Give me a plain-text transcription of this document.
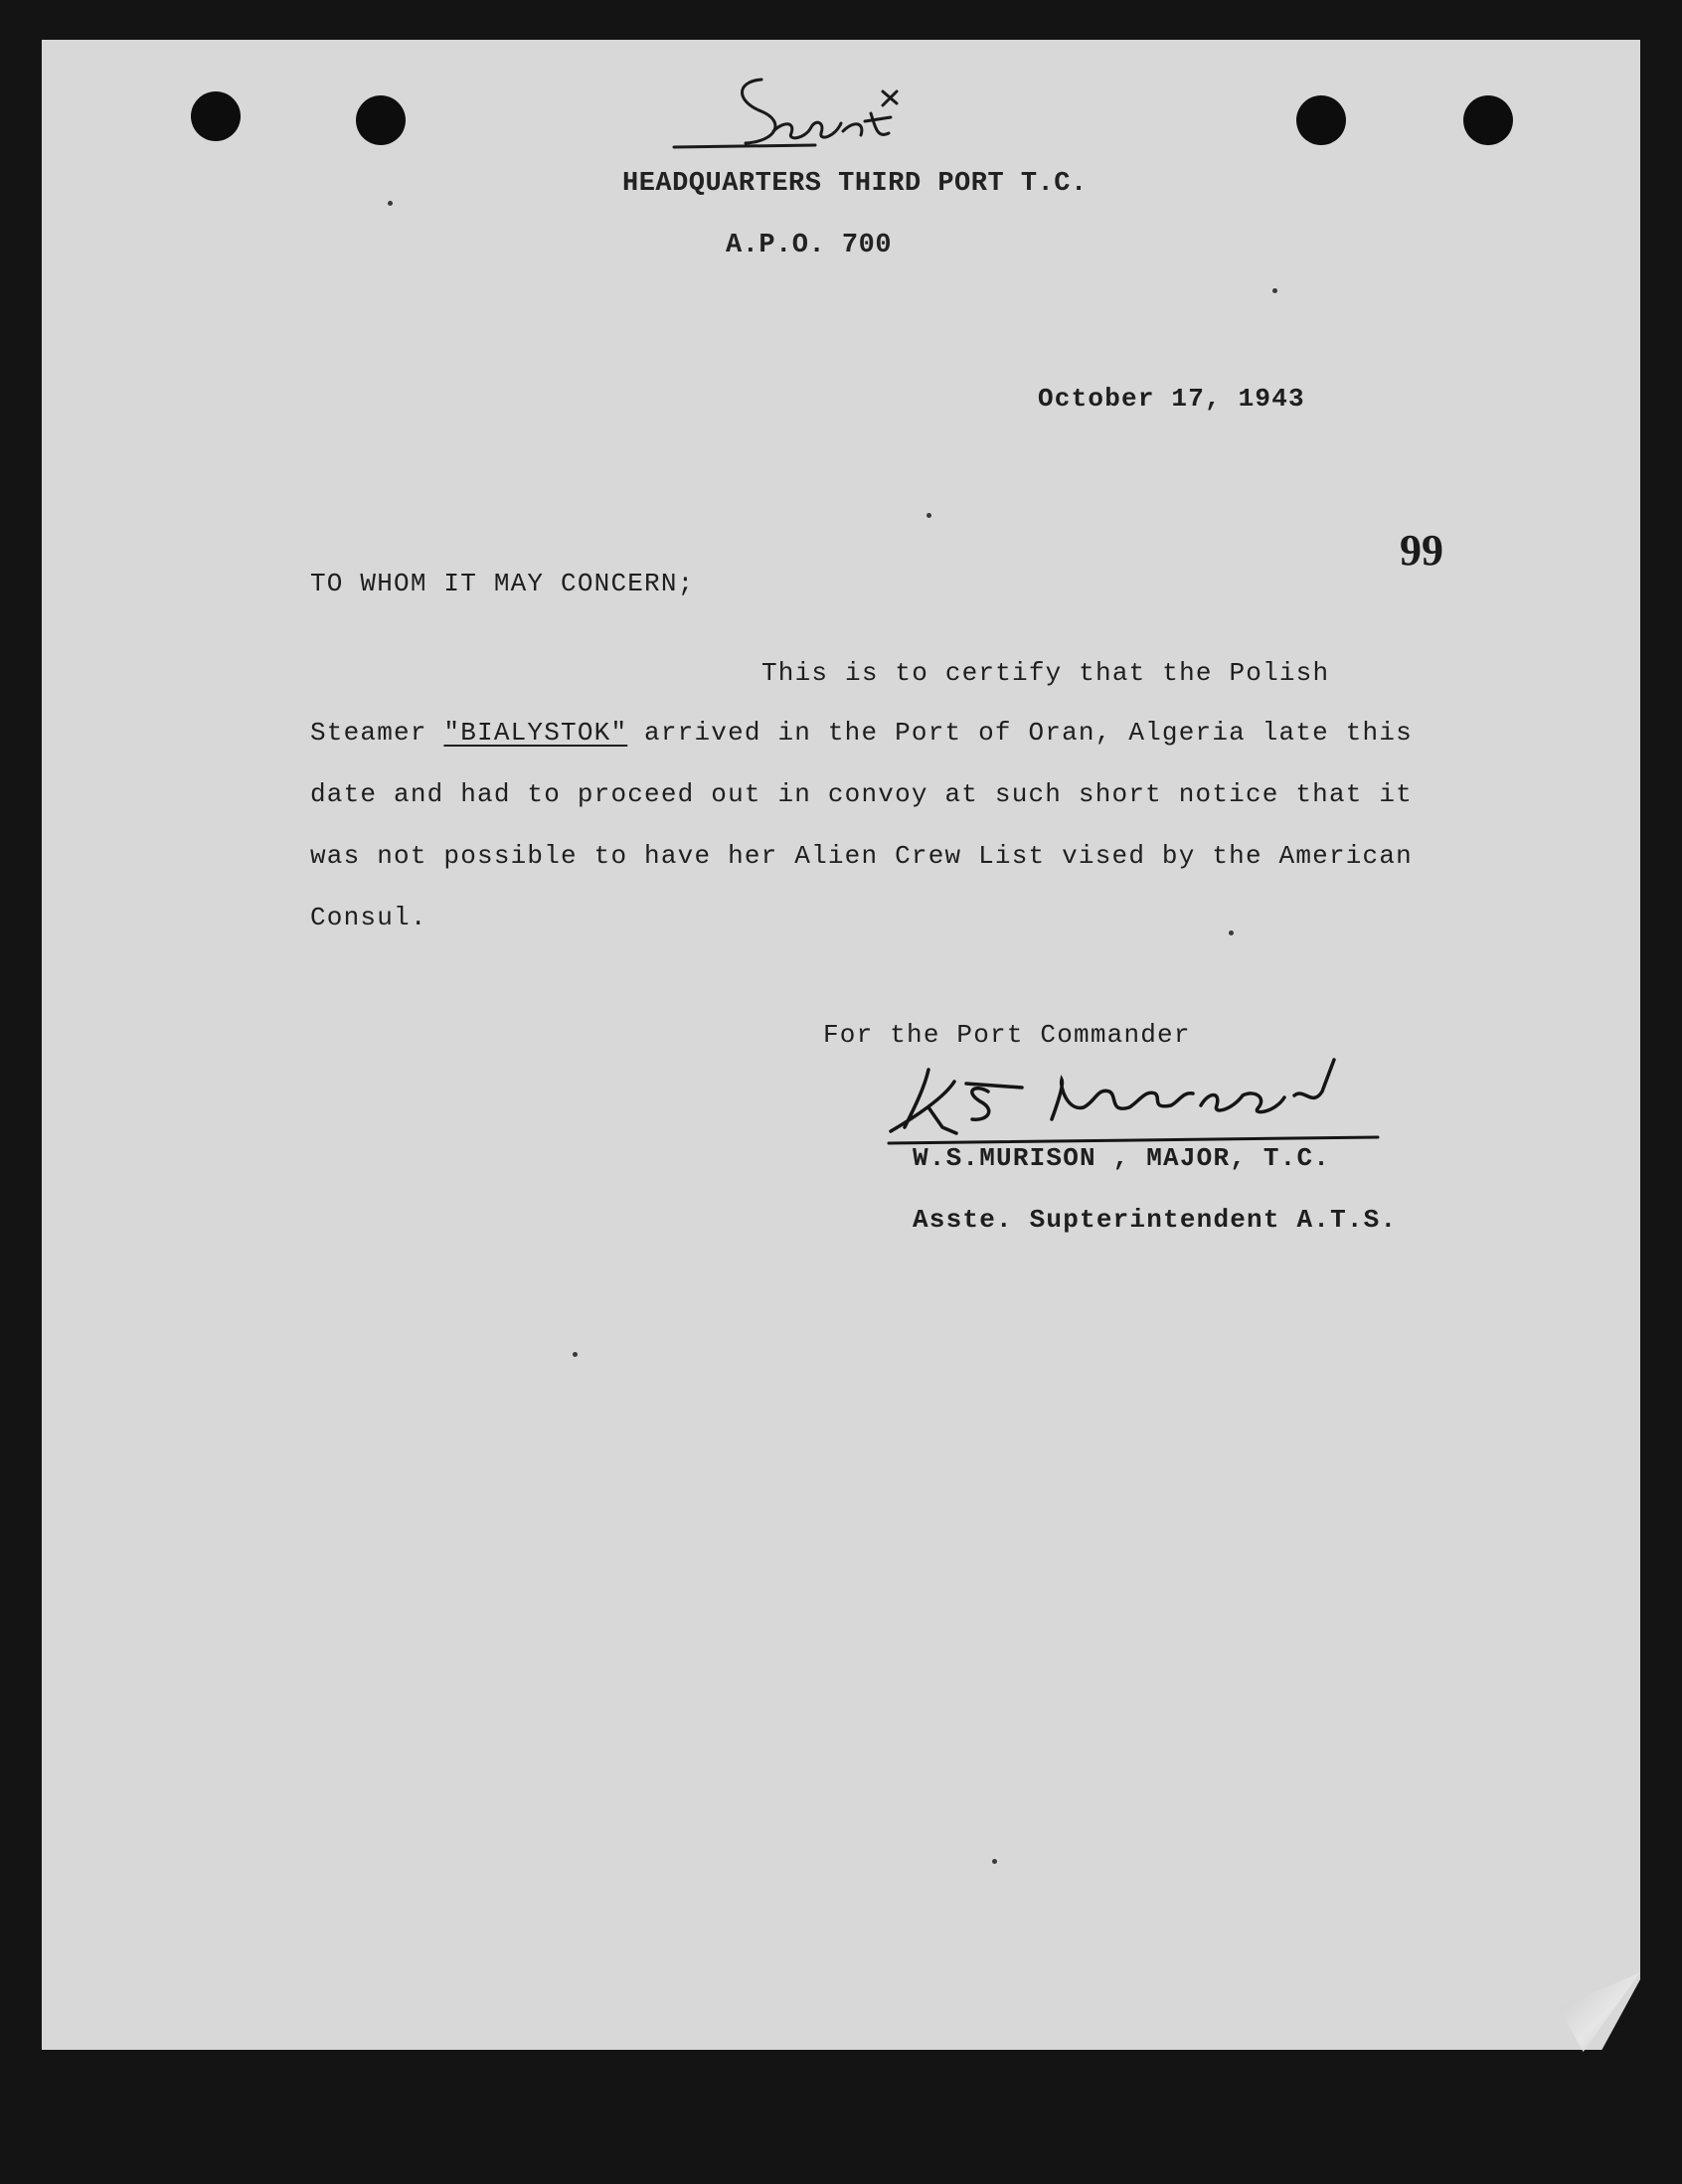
HEADQUARTERS THIRD PORT T.C.
A.P.O. 700
October 17, 1943
99
TO WHOM IT MAY CONCERN;
This is to certify that the Polish
Steamer "BIALYSTOK" arrived in the Port of Oran, Algeria late this
date and had to proceed out in convoy at such short notice that it
was not possible to have her Alien Crew List vised by the American
Consul.
For the Port Commander
W.S.MURISON , MAJOR, T.C.
Asste. Supterintendent A.T.S.
